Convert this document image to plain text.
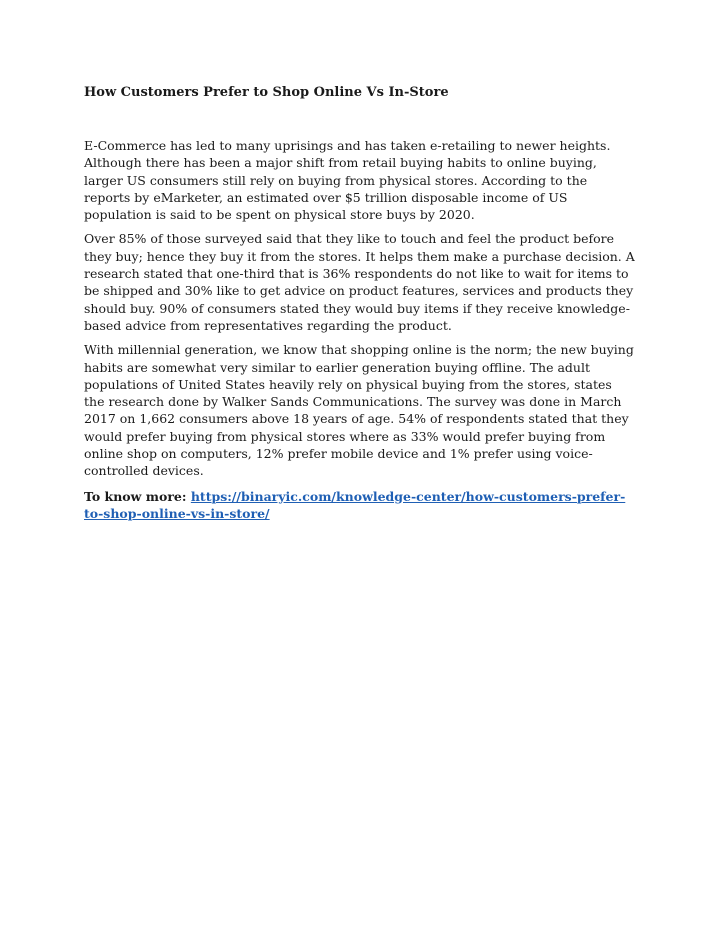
How Customers Prefer to Shop Online Vs In-Store

E-Commerce has led to many uprisings and has taken e-retailing to newer heights. Although there has been a major shift from retail buying habits to online buying, larger US consumers still rely on buying from physical stores. According to the reports by eMarketer, an estimated over $5 trillion disposable income of US population is said to be spent on physical store buys by 2020.

Over 85% of those surveyed said that they like to touch and feel the product before they buy; hence they buy it from the stores. It helps them make a purchase decision. A research stated that one-third that is 36% respondents do not like to wait for items to be shipped and 30% like to get advice on product features, services and products they should buy. 90% of consumers stated they would buy items if they receive knowledge-based advice from representatives regarding the product.

With millennial generation, we know that shopping online is the norm; the new buying habits are somewhat very similar to earlier generation buying offline. The adult populations of United States heavily rely on physical buying from the stores, states the research done by Walker Sands Communications. The survey was done in March 2017 on 1,662 consumers above 18 years of age. 54% of respondents stated that they would prefer buying from physical stores where as 33% would prefer buying from online shop on computers, 12% prefer mobile device and 1% prefer using voice-controlled devices.

To know more: https://binaryic.com/knowledge-center/how-customers-prefer-to-shop-online-vs-in-store/
